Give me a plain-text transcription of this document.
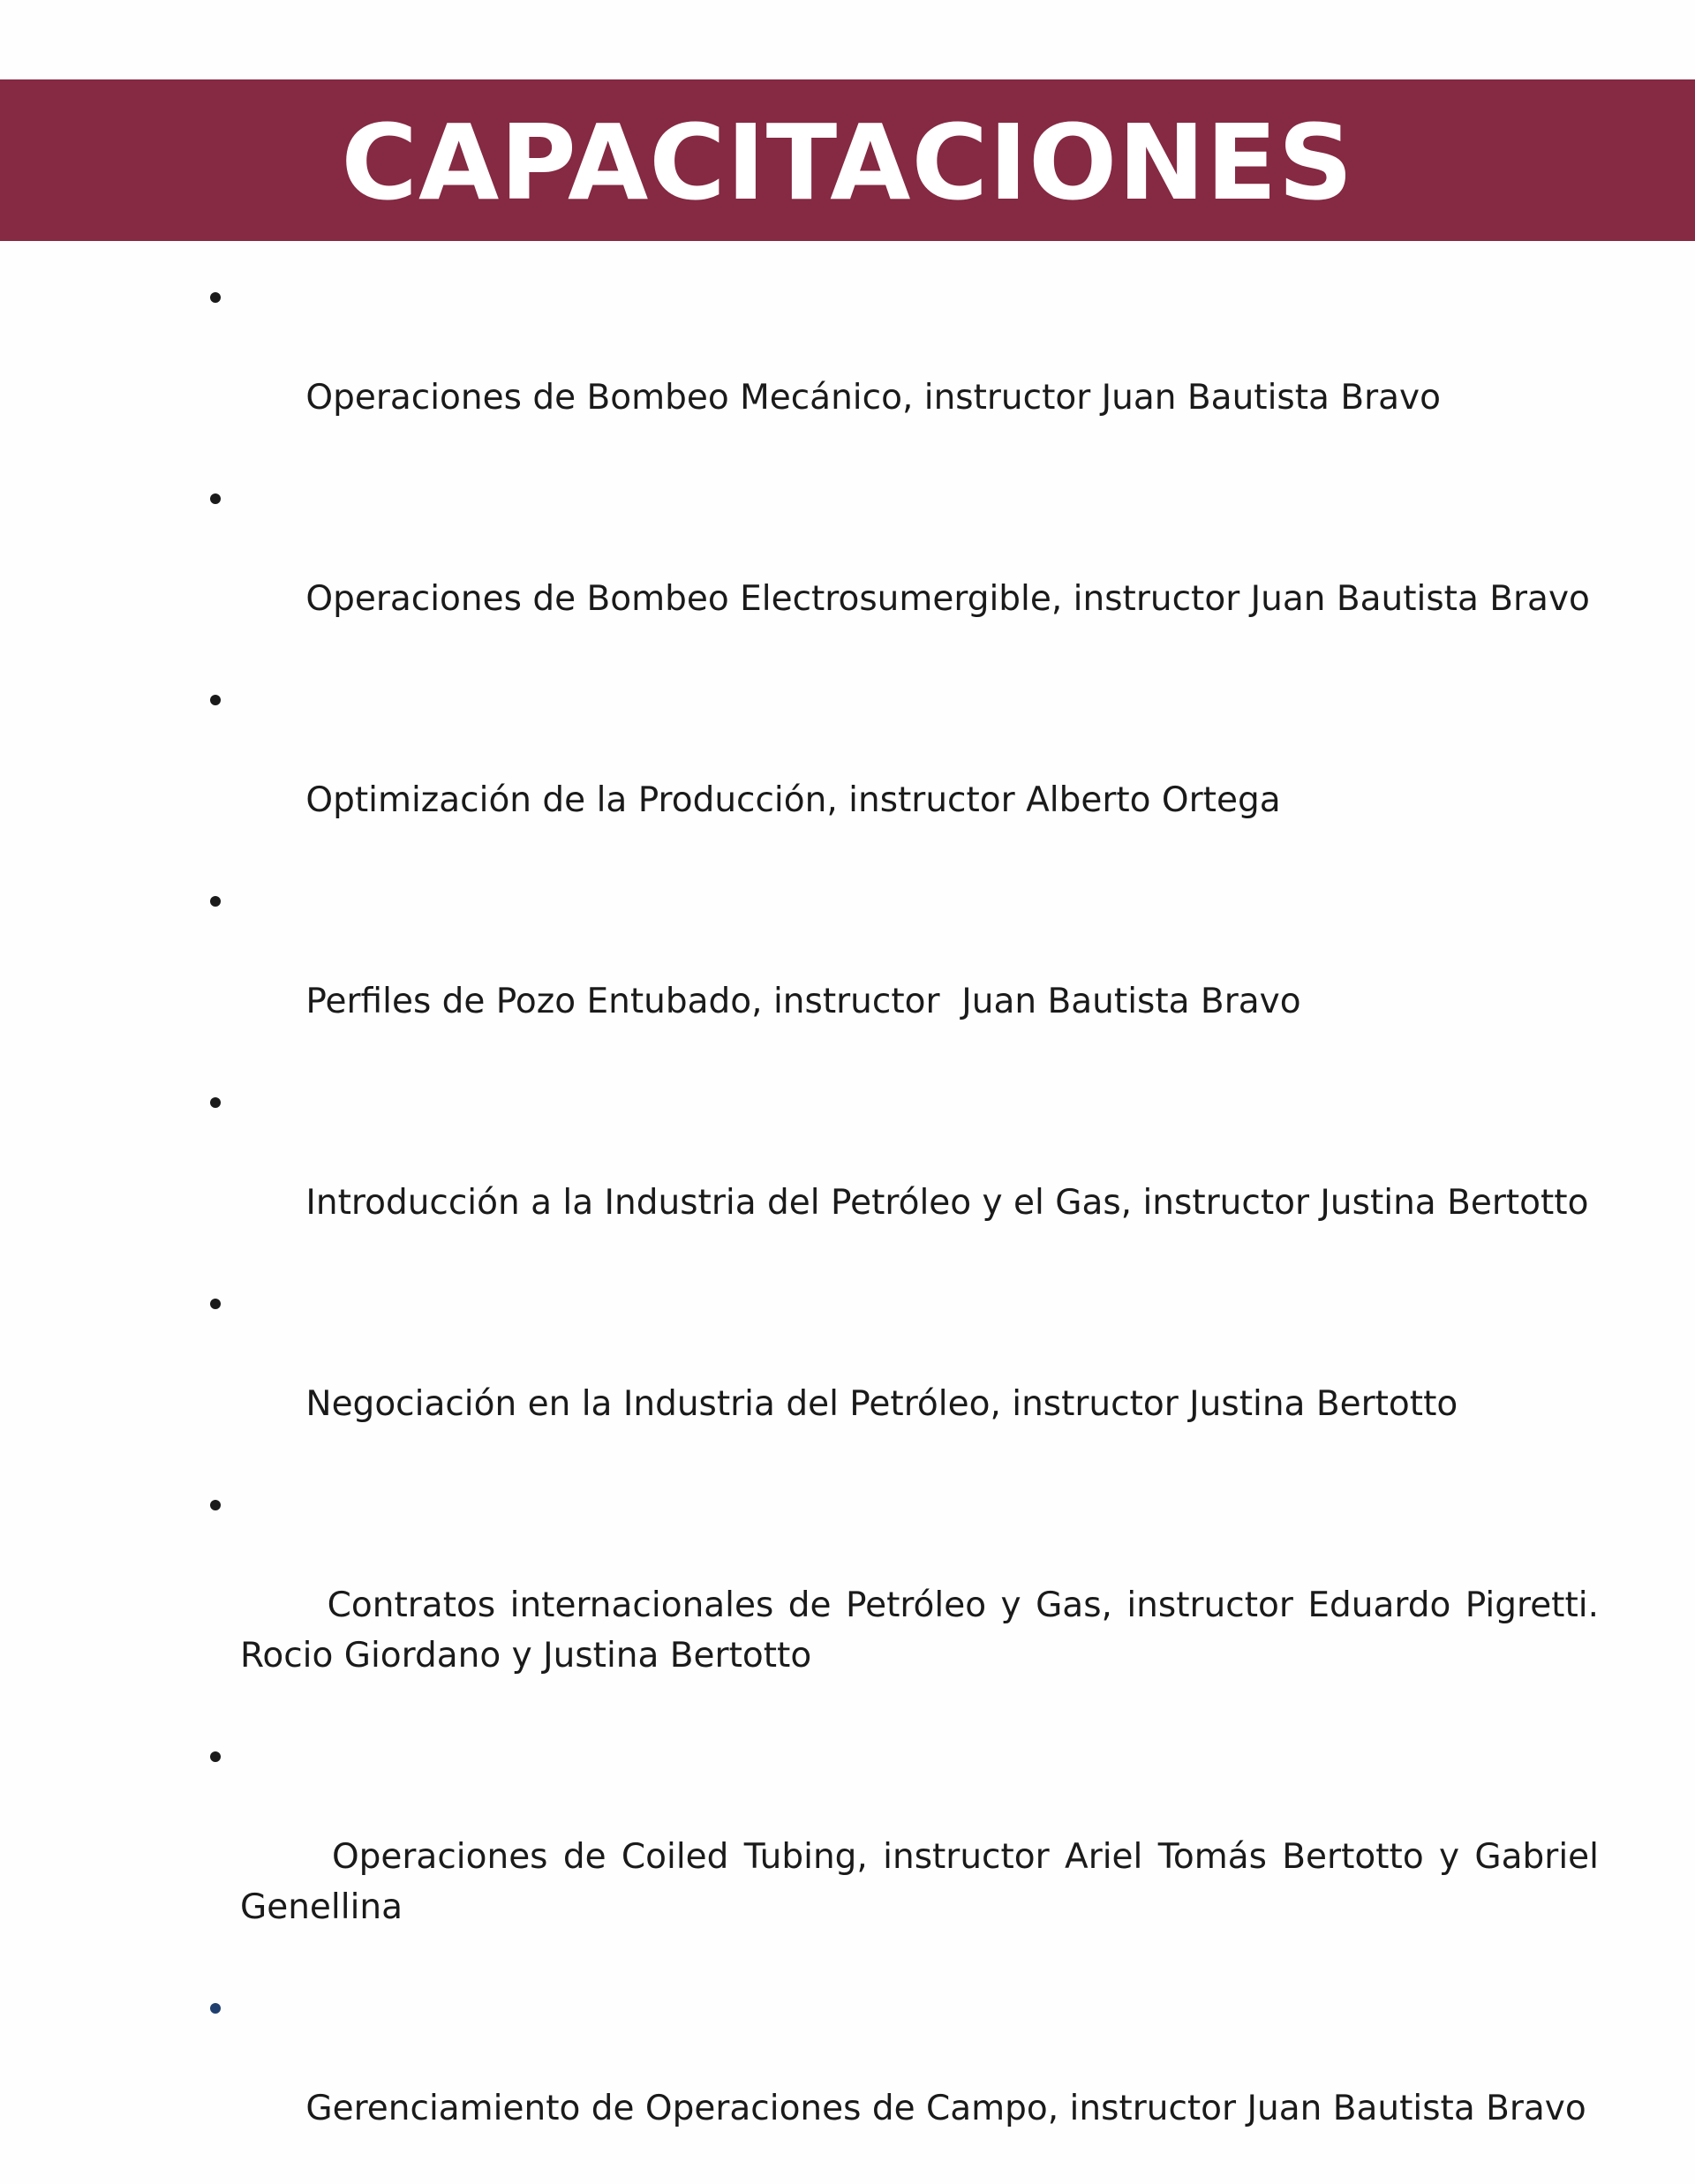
CAPACITACIONES

Operaciones de Bombeo Mecánico, instructor Juan Bautista Bravo

Operaciones de Bombeo Electrosumergible, instructor Juan Bautista Bravo

Optimización de la Producción, instructor Alberto Ortega

Perfiles de Pozo Entubado, instructor  Juan Bautista Bravo

Introducción a la Industria del Petróleo y el Gas, instructor Justina Bertotto

Negociación en la Industria del Petróleo, instructor Justina Bertotto

Contratos internacionales de Petróleo y Gas, instructor Eduardo Pigretti. Rocio Giordano y Justina Bertotto

Operaciones de Coiled Tubing, instructor Ariel Tomás Bertotto y Gabriel Genellina

Gerenciamiento de Operaciones de Campo, instructor Juan Bautista Bravo
